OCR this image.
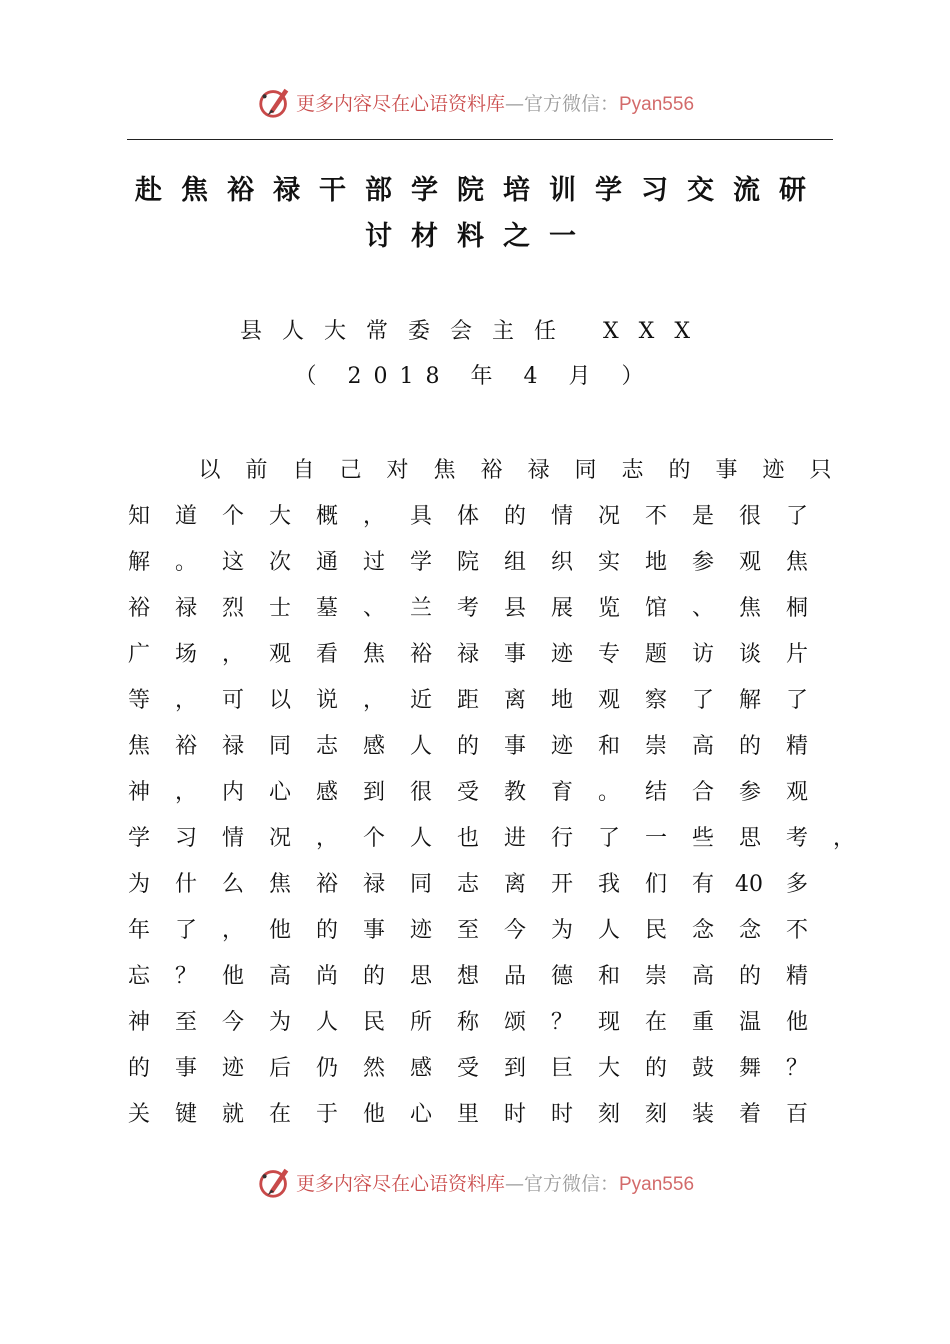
更多内容尽在心语资料库—官方微信：Pyan556
赴焦裕禄干部学院培训学习交流研
讨材料之一
县人大常委会主任 XXX
（ 2018 年 4 月 ）
以 前 自 己 对 焦 裕 禄 同 志 的 事 迹 只
知 道 个 大 概 ， 具 体 的 情 况 不 是 很 了
解 。 这 次 通 过 学 院 组 织 实 地 参 观 焦
裕 禄 烈 士 墓 、 兰 考 县 展 览 馆 、 焦 桐
广 场 ， 观 看 焦 裕 禄 事 迹 专 题 访 谈 片
等 ， 可 以 说 ， 近 距 离 地 观 察 了 解 了
焦 裕 禄 同 志 感 人 的 事 迹 和 崇 高 的 精
神 ， 内 心 感 到 很 受 教 育 。 结 合 参 观
学 习 情 况 ， 个 人 也 进 行 了 一 些 思 考 ，
为 什 么 焦 裕 禄 同 志 离 开 我 们 有 40 多
年 了 ， 他 的 事 迹 至 今 为 人 民 念 念 不
忘 ？ 他 高 尚 的 思 想 品 德 和 崇 高 的 精
神 至 今 为 人 民 所 称 颂 ？ 现 在 重 温 他
的 事 迹 后 仍 然 感 受 到 巨 大 的 鼓 舞 ？
关 键 就 在 于 他 心 里 时 时 刻 刻 装 着 百
更多内容尽在心语资料库—官方微信：Pyan556
